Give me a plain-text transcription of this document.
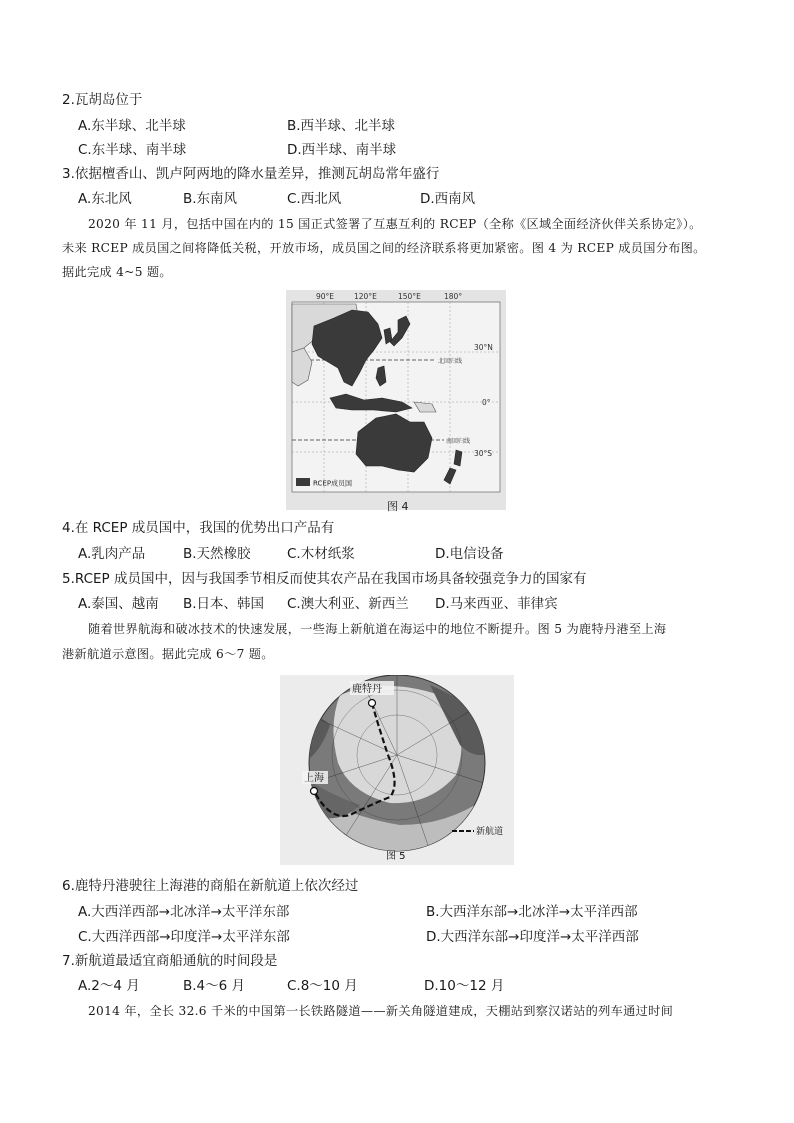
2.瓦胡岛位于
A.东半球、北半球	B.西半球、北半球
C.东半球、南半球	D.西半球、南半球
3.依据檀香山、凯卢阿两地的降水量差异，推测瓦胡岛常年盛行
A.东北风	B.东南风	C.西北风	D.西南风
2020 年 11 月，包括中国在内的 15 国正式签署了互惠互利的 RCEP（全称《区域全面经济伙伴关系协定》）。
未来 RCEP 成员国之间将降低关税，开放市场，成员国之间的经济联系将更加紧密。图 4 为 RCEP 成员国分布图。
据此完成 4~5 题。
RCEP成员国
90°E	120°E	150°E	180°
30°N
0°
30°S
北回归线
南回归线
图 4
4.在 RCEP 成员国中，我国的优势出口产品有
A.乳肉产品	B.天然橡胶	C.木材纸浆	D.电信设备
5.RCEP 成员国中，因与我国季节相反而使其农产品在我国市场具备较强竞争力的国家有
A.泰国、越南 B.日本、韩国 C.澳大利亚、新西兰 D.马来西亚、菲律宾
随着世界航海和破冰技术的快速发展，一些海上新航道在海运中的地位不断提升。图 5 为鹿特丹港至上海
港新航道示意图。据此完成 6～7 题。
鹿特丹
上海
新航道
图 5
6.鹿特丹港驶往上海港的商船在新航道上依次经过
A.大西洋西部→北冰洋→太平洋东部	B.大西洋东部→北冰洋→太平洋西部
C.大西洋西部→印度洋→太平洋东部	D.大西洋东部→印度洋→太平洋西部
7.新航道最适宜商船通航的时间段是
A.2～4 月	B.4～6 月	C.8～10 月	D.10～12 月
2014 年，全长 32.6 千米的中国第一长铁路隧道——新关角隧道建成，天棚站到察汉诺站的列车通过时间
